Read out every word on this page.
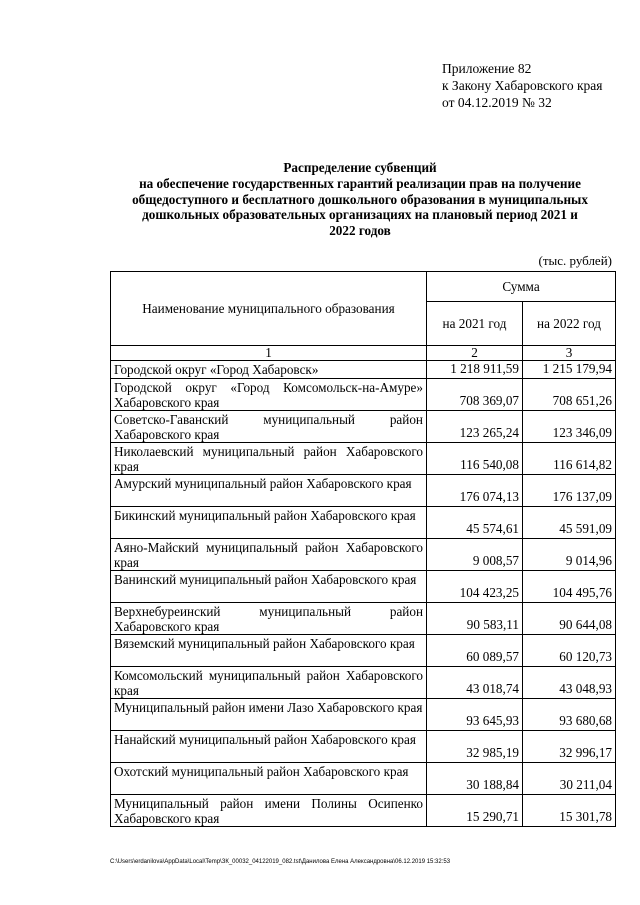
Приложение 82
к Закону Хабаровского края
от 04.12.2019 № 32
Распределение субвенций
на обеспечение государственных гарантий реализации прав на получение
общедоступного и бесплатного дошкольного образования в муниципальных
дошкольных образовательных организациях на плановый период 2021 и
2022 годов
(тыс. рублей)
Наименование муниципального образования	Сумма	
	на 2021 год	на 2022 год
1	2	3
Городской округ «Город Хабаровск»	1 218 911,59	1 215 179,94
Городской округ «Город Комсомольск-на-Амуре» Хабаровского края	708 369,07	708 651,26
Советско-Гаванский муниципальный район Хабаровского края	123 265,24	123 346,09
Николаевский муниципальный район Хабаровского края	116 540,08	116 614,82
Амурский муниципальный район Хабаровского края	176 074,13	176 137,09
Бикинский муниципальный район Хабаровского края	45 574,61	45 591,09
Аяно-Майский муниципальный район Хабаровского края	9 008,57	9 014,96
Ванинский муниципальный район Хабаровского края	104 423,25	104 495,76
Верхнебуреинский муниципальный район Хабаровского края	90 583,11	90 644,08
Вяземский муниципальный район Хабаровского края	60 089,57	60 120,73
Комсомольский муниципальный район Хабаровского края	43 018,74	43 048,93
Муниципальный район имени Лазо Хабаровского края	93 645,93	93 680,68
Нанайский муниципальный район Хабаровского края	32 985,19	32 996,17
Охотский муниципальный район Хабаровского края	30 188,84	30 211,04
Муниципальный район имени Полины Осипенко Хабаровского края	15 290,71	15 301,78
C:\Users\erdanilova\AppData\Local\Temp\ЗК_00032_04122019_082.tst\Данилова Елена Александровна\06.12.2019 15:32:53
